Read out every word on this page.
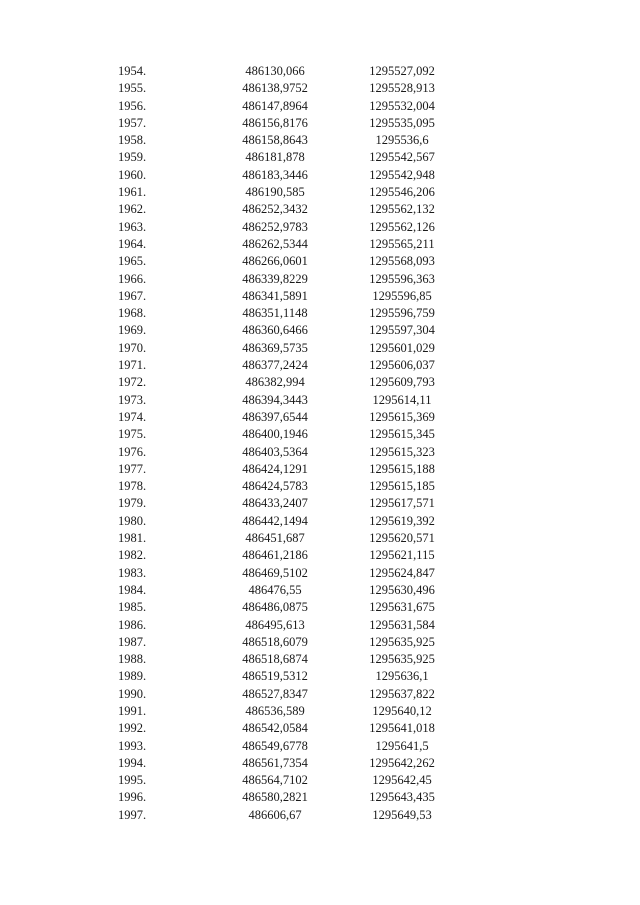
1954.	486130,066	1295527,092
1955.	486138,9752	1295528,913
1956.	486147,8964	1295532,004
1957.	486156,8176	1295535,095
1958.	486158,8643	1295536,6
1959.	486181,878	1295542,567
1960.	486183,3446	1295542,948
1961.	486190,585	1295546,206
1962.	486252,3432	1295562,132
1963.	486252,9783	1295562,126
1964.	486262,5344	1295565,211
1965.	486266,0601	1295568,093
1966.	486339,8229	1295596,363
1967.	486341,5891	1295596,85
1968.	486351,1148	1295596,759
1969.	486360,6466	1295597,304
1970.	486369,5735	1295601,029
1971.	486377,2424	1295606,037
1972.	486382,994	1295609,793
1973.	486394,3443	1295614,11
1974.	486397,6544	1295615,369
1975.	486400,1946	1295615,345
1976.	486403,5364	1295615,323
1977.	486424,1291	1295615,188
1978.	486424,5783	1295615,185
1979.	486433,2407	1295617,571
1980.	486442,1494	1295619,392
1981.	486451,687	1295620,571
1982.	486461,2186	1295621,115
1983.	486469,5102	1295624,847
1984.	486476,55	1295630,496
1985.	486486,0875	1295631,675
1986.	486495,613	1295631,584
1987.	486518,6079	1295635,925
1988.	486518,6874	1295635,925
1989.	486519,5312	1295636,1
1990.	486527,8347	1295637,822
1991.	486536,589	1295640,12
1992.	486542,0584	1295641,018
1993.	486549,6778	1295641,5
1994.	486561,7354	1295642,262
1995.	486564,7102	1295642,45
1996.	486580,2821	1295643,435
1997.	486606,67	1295649,53
